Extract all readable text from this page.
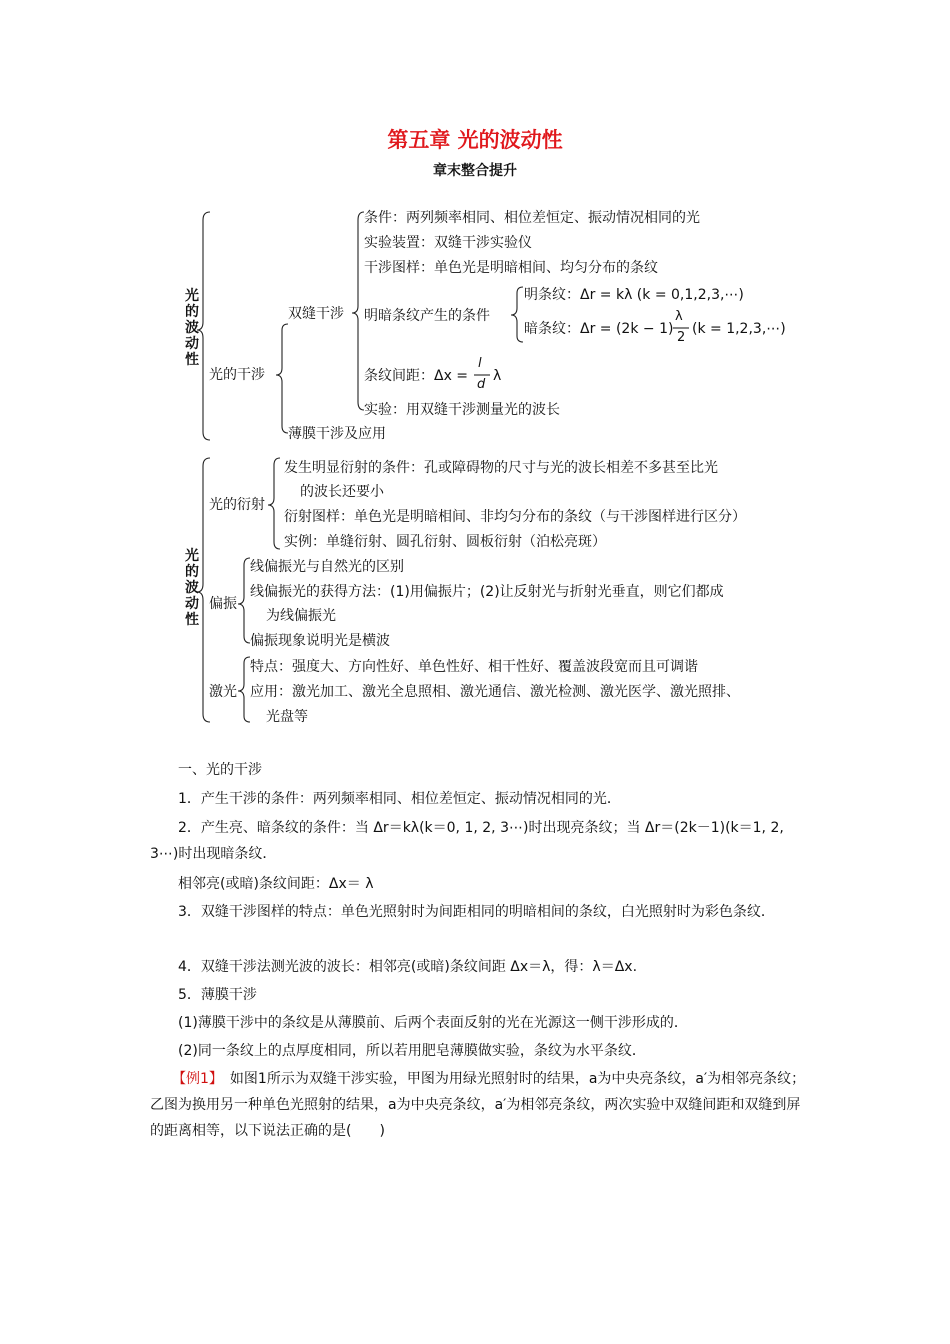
第五章 光的波动性
章末整合提升
光的波动性
光的干涉
双缝干涉
薄膜干涉及应用
条件：两列频率相同、相位差恒定、振动情况相同的光
实验装置：双缝干涉实验仪
干涉图样：单色光是明暗相间、均匀分布的条纹
明暗条纹产生的条件
明条纹：Δr = kλ (k = 0,1,2,3,⋯)
暗条纹：Δr = (2k − 1)
λ
2
(k = 1,2,3,⋯)
条纹间距：Δx =
l
d
λ
实验：用双缝干涉测量光的波长
光的波动性
光的衍射
发生明显衍射的条件：孔或障碍物的尺寸与光的波长相差不多甚至比光
的波长还要小
衍射图样：单色光是明暗相间、非均匀分布的条纹（与干涉图样进行区分）
实例：单缝衍射、圆孔衍射、圆板衍射（泊松亮斑）
偏振
线偏振光与自然光的区别
线偏振光的获得方法：(1)用偏振片；(2)让反射光与折射光垂直，则它们都成
为线偏振光
偏振现象说明光是横波
激光
特点：强度大、方向性好、单色性好、相干性好、覆盖波段宽而且可调谐
应用：激光加工、激光全息照相、激光通信、激光检测、激光医学、激光照排、
光盘等
一、光的干涉
1．产生干涉的条件：两列频率相同、相位差恒定、振动情况相同的光．
2．产生亮、暗条纹的条件：当 Δr＝kλ(k＝0, 1, 2, 3⋯)时出现亮条纹；当 Δr＝(2k－1)(k＝1, 2, 3⋯)时出现暗条纹．
相邻亮(或暗)条纹间距：Δx＝ λ
3．双缝干涉图样的特点：单色光照射时为间距相同的明暗相间的条纹，白光照射时为彩色条纹．
4．双缝干涉法测光波的波长：相邻亮(或暗)条纹间距 Δx＝λ，得：λ＝Δx.
5．薄膜干涉
(1)薄膜干涉中的条纹是从薄膜前、后两个表面反射的光在光源这一侧干涉形成的．
(2)同一条纹上的点厚度相同，所以若用肥皂薄膜做实验，条纹为水平条纹．
【例1】　 如图1所示为双缝干涉实验，甲图为用绿光照射时的结果，a为中央亮条纹，a′为相邻亮条纹；乙图为换用另一种单色光照射的结果，a为中央亮条纹，a′为相邻亮条纹，两次实验中双缝间距和双缝到屏的距离相等，以下说法正确的是(　　)
